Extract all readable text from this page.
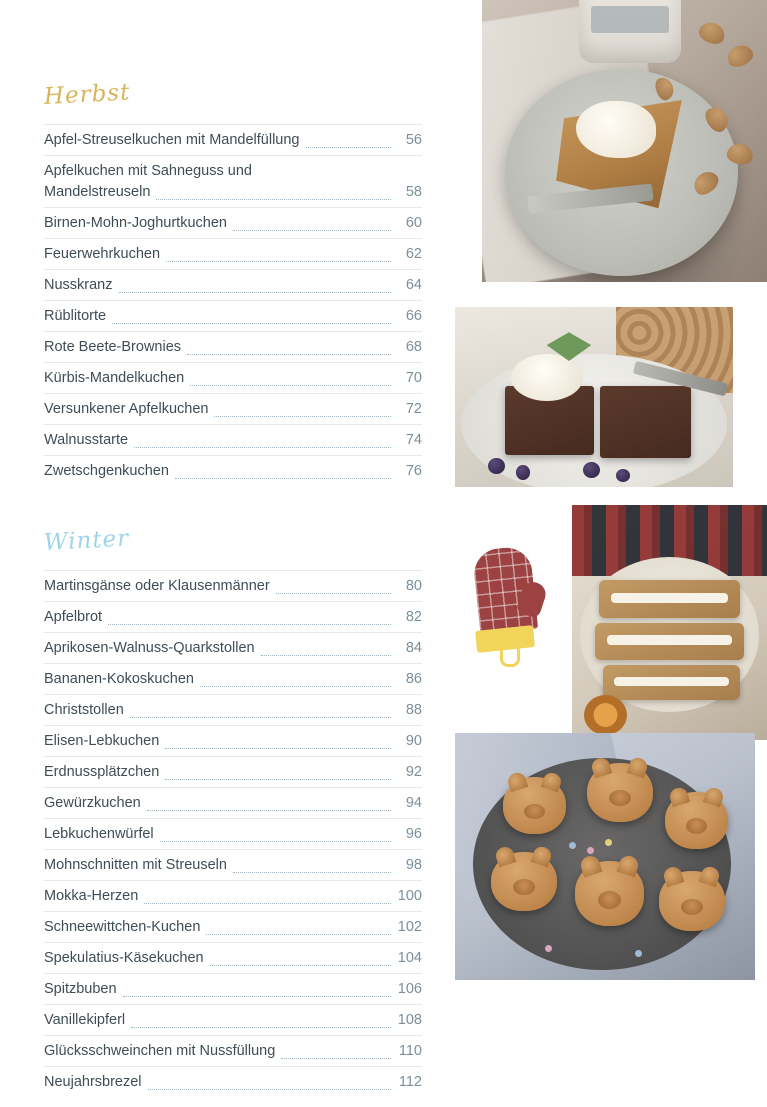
Herbst
Apfel-Streuselkuchen mit Mandelfüllung	56
Apfelkuchen mit Sahneguss und
Mandelstreuseln	58
Birnen-Mohn-Joghurtkuchen	60
Feuerwehrkuchen	62
Nusskranz	64
Rüblitorte	66
Rote Beete-Brownies	68
Kürbis-Mandelkuchen	70
Versunkener Apfelkuchen	72
Walnusstarte	74
Zwetschgenkuchen	76
Winter
Martinsgänse oder Klausenmänner	80
Apfelbrot	82
Aprikosen-Walnuss-Quarkstollen	84
Bananen-Kokoskuchen	86
Christstollen	88
Elisen-Lebkuchen	90
Erdnussplätzchen	92
Gewürzkuchen	94
Lebkuchenwürfel	96
Mohnschnitten mit Streuseln	98
Mokka-Herzen	100
Schneewittchen-Kuchen	102
Spekulatius-Käsekuchen	104
Spitzbuben	106
Vanillekipferl	108
Glücksschweinchen mit Nussfüllung	110
Neujahrsbrezel	112
